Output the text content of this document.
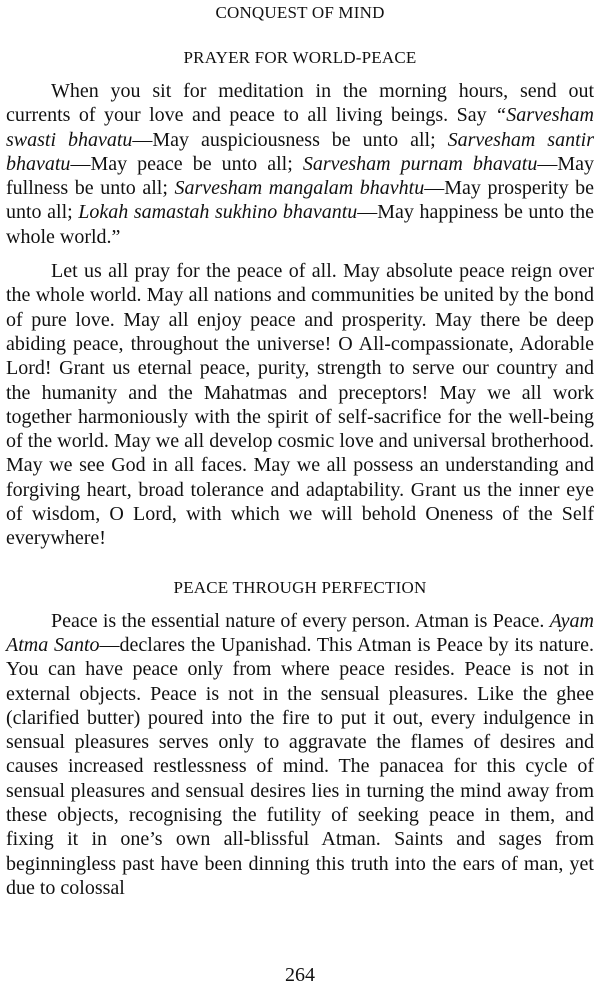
CONQUEST OF MIND
PRAYER FOR WORLD-PEACE

When you sit for meditation in the morning hours, send out currents of your love and peace to all living beings. Say “Sarvesham swasti bhavatu—May auspiciousness be unto all; Sarvesham santir bhavatu—May peace be unto all; Sarvesham purnam bhavatu—May fullness be unto all; Sarvesham mangalam bhavhtu—May prosperity be unto all; Lokah samastah sukhino bhavantu—May happiness be unto the whole world.”

Let us all pray for the peace of all. May absolute peace reign over the whole world. May all nations and communities be united by the bond of pure love. May all enjoy peace and prosperity. May there be deep abiding peace, throughout the universe! O All-compassionate, Adorable Lord! Grant us eternal peace, purity, strength to serve our country and the humanity and the Mahatmas and preceptors! May we all work together harmoniously with the spirit of self-sacrifice for the well-being of the world. May we all develop cosmic love and universal brotherhood. May we see God in all faces. May we all possess an understanding and forgiving heart, broad tolerance and adaptability. Grant us the inner eye of wisdom, O Lord, with which we will behold Oneness of the Self everywhere!

PEACE THROUGH PERFECTION

Peace is the essential nature of every person. Atman is Peace. Ayam Atma Santo—declares the Upanishad. This Atman is Peace by its nature. You can have peace only from where peace resides. Peace is not in external objects. Peace is not in the sensual pleasures. Like the ghee (clarified butter) poured into the fire to put it out, every indulgence in sensual pleasures serves only to aggravate the flames of desires and causes increased restlessness of mind. The panacea for this cycle of sensual pleasures and sensual desires lies in turning the mind away from these objects, recognising the futility of seeking peace in them, and fixing it in one’s own all-blissful Atman. Saints and sages from beginningless past have been dinning this truth into the ears of man, yet due to colossal

264
